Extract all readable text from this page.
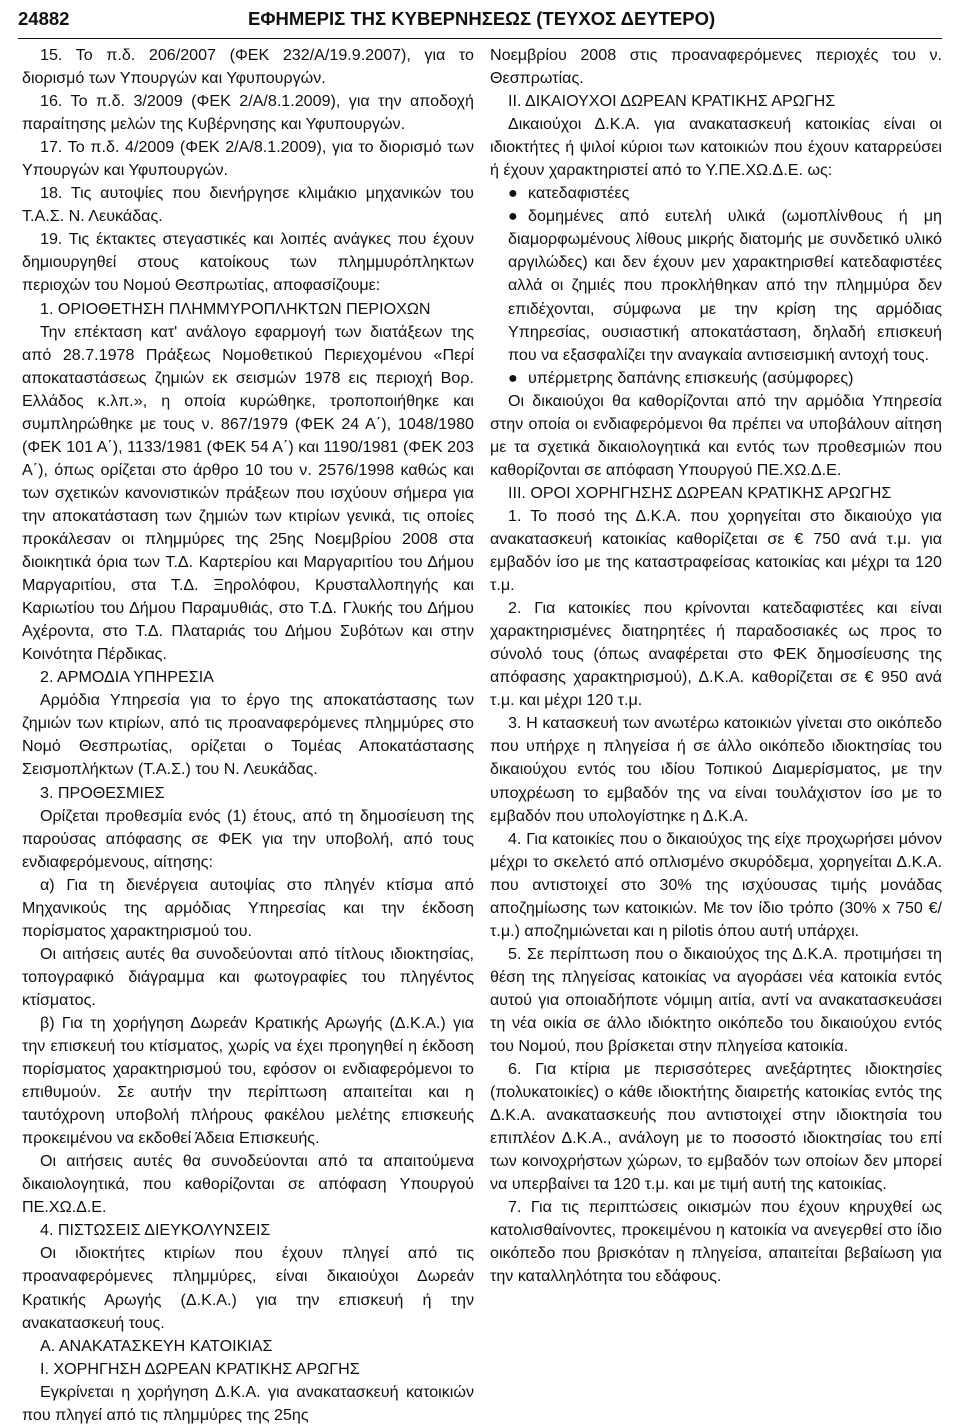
24882	ΕΦΗΜΕΡΙΣ ΤΗΣ ΚΥΒΕΡΝΗΣΕΩΣ (ΤΕΥΧΟΣ ΔΕΥΤΕΡΟ)

15. Το π.δ. 206/2007 (ΦΕΚ 232/Α/19.9.2007), για το διορισμό των Υπουργών και Υφυπουργών.

16. Το π.δ. 3/2009 (ΦΕΚ 2/Α/8.1.2009), για την αποδοχή παραίτησης μελών της Κυβέρνησης και Υφυπουργών.

17. Το π.δ. 4/2009 (ΦΕΚ 2/Α/8.1.2009), για το διορισμό των Υπουργών και Υφυπουργών.

18. Τις αυτοψίες που διενήργησε κλιμάκιο μηχανικών του Τ.Α.Σ. Ν. Λευκάδας.

19. Τις έκτακτες στεγαστικές και λοιπές ανάγκες που έχουν δημιουργηθεί στους κατοίκους των πλημμυρόπληκτων περιοχών του Νομού Θεσπρωτίας, αποφασίζουμε:

1. ΟΡΙΟΘΕΤΗΣΗ ΠΛΗΜΜΥΡΟΠΛΗΚΤΩΝ ΠΕΡΙΟΧΩΝ

Την επέκταση κατ' ανάλογο εφαρμογή των διατάξεων της από 28.7.1978 Πράξεως Νομοθετικού Περιεχομένου «Περί αποκαταστάσεως ζημιών εκ σεισμών 1978 εις περιοχή Βορ. Ελλάδος κ.λπ.», η οποία κυρώθηκε, τροποποιήθηκε και συμπληρώθηκε με τους ν. 867/1979 (ΦΕΚ 24 Α΄), 1048/1980 (ΦΕΚ 101 Α΄), 1133/1981 (ΦΕΚ 54 Α΄) και 1190/1981 (ΦΕΚ 203 Α΄), όπως ορίζεται στο άρθρο 10 του ν. 2576/1998 καθώς και των σχετικών κανονιστικών πράξεων που ισχύουν σήμερα για την αποκατάσταση των ζημιών των κτιρίων γενικά, τις οποίες προκάλεσαν οι πλημμύρες της 25ης Νοεμβρίου 2008 στα διοικητικά όρια των Τ.Δ. Καρτερίου και Μαργαριτίου του Δήμου Μαργαριτίου, στα Τ.Δ. Ξηρολόφου, Κρυσταλλοπηγής και Καριωτίου του Δήμου Παραμυθιάς, στο Τ.Δ. Γλυκής του Δήμου Αχέροντα, στο Τ.Δ. Πλαταριάς του Δήμου Συβότων και στην Κοινότητα Πέρδικας.

2. ΑΡΜΟΔΙΑ ΥΠΗΡΕΣΙΑ

Αρμόδια Υπηρεσία για το έργο της αποκατάστασης των ζημιών των κτιρίων, από τις προαναφερόμενες πλημμύρες στο Νομό Θεσπρωτίας, ορίζεται ο Τομέας Αποκατάστασης Σεισμοπλήκτων (Τ.Α.Σ.) του Ν. Λευκάδας.

3. ΠΡΟΘΕΣΜΙΕΣ

Ορίζεται προθεσμία ενός (1) έτους, από τη δημοσίευση της παρούσας απόφασης σε ΦΕΚ για την υποβολή, από τους ενδιαφερόμενους, αίτησης:

α) Για τη διενέργεια αυτοψίας στο πληγέν κτίσμα από Μηχανικούς της αρμόδιας Υπηρεσίας και την έκδοση πορίσματος χαρακτηρισμού του.

Οι αιτήσεις αυτές θα συνοδεύονται από τίτλους ιδιοκτησίας, τοπογραφικό διάγραμμα και φωτογραφίες του πληγέντος κτίσματος.

β) Για τη χορήγηση Δωρεάν Κρατικής Αρωγής (Δ.Κ.Α.) για την επισκευή του κτίσματος, χωρίς να έχει προηγηθεί η έκδοση πορίσματος χαρακτηρισμού του, εφόσον οι ενδιαφερόμενοι το επιθυμούν. Σε αυτήν την περίπτωση απαιτείται και η ταυτόχρονη υποβολή πλήρους φακέλου μελέτης επισκευής προκειμένου να εκδοθεί Άδεια Επισκευής.

Οι αιτήσεις αυτές θα συνοδεύονται από τα απαιτούμενα δικαιολογητικά, που καθορίζονται σε απόφαση Υπουργού ΠΕ.ΧΩ.Δ.Ε.

4. ΠΙΣΤΩΣΕΙΣ ΔΙΕΥΚΟΛΥΝΣΕΙΣ

Οι ιδιοκτήτες κτιρίων που έχουν πληγεί από τις προαναφερόμενες πλημμύρες, είναι δικαιούχοι Δωρεάν Κρατικής Αρωγής (Δ.Κ.Α.) για την επισκευή ή την ανακατασκευή τους.

Α. ΑΝΑΚΑΤΑΣΚΕΥΗ ΚΑΤΟΙΚΙΑΣ

Ι. ΧΟΡΗΓΗΣΗ ΔΩΡΕΑΝ ΚΡΑΤΙΚΗΣ ΑΡΩΓΗΣ

Εγκρίνεται η χορήγηση Δ.Κ.Α. για ανακατασκευή κατοικιών που πληγεί από τις πλημμύρες της 25ης

Νοεμβρίου 2008 στις προαναφερόμενες περιοχές του ν. Θεσπρωτίας.

ΙΙ. ΔΙΚΑΙΟΥΧΟΙ ΔΩΡΕΑΝ ΚΡΑΤΙΚΗΣ ΑΡΩΓΗΣ

Δικαιούχοι Δ.Κ.Α. για ανακατασκευή κατοικίας είναι οι ιδιοκτήτες ή ψιλοί κύριοι των κατοικιών που έχουν καταρρεύσει ή έχουν χαρακτηριστεί από το Υ.ΠΕ.ΧΩ.Δ.Ε. ως:

● κατεδαφιστέες

● δομημένες από ευτελή υλικά (ωμοπλίνθους ή μη διαμορφωμένους λίθους μικρής διατομής με συνδετικό υλικό αργιλώδες) και δεν έχουν μεν χαρακτηρισθεί κατεδαφιστέες αλλά οι ζημιές που προκλήθηκαν από την πλημμύρα δεν επιδέχονται, σύμφωνα με την κρίση της αρμόδιας Υπηρεσίας, ουσιαστική αποκατάσταση, δηλαδή επισκευή που να εξασφαλίζει την αναγκαία αντισεισμική αντοχή τους.

● υπέρμετρης δαπάνης επισκευής (ασύμφορες)

Οι δικαιούχοι θα καθορίζονται από την αρμόδια Υπηρεσία στην οποία οι ενδιαφερόμενοι θα πρέπει να υποβάλουν αίτηση με τα σχετικά δικαιολογητικά και εντός των προθεσμιών που καθορίζονται σε απόφαση Υπουργού ΠΕ.ΧΩ.Δ.Ε.

ΙΙΙ. ΟΡΟΙ ΧΟΡΗΓΗΣΗΣ ΔΩΡΕΑΝ ΚΡΑΤΙΚΗΣ ΑΡΩΓΗΣ

1. Το ποσό της Δ.Κ.Α. που χορηγείται στο δικαιούχο για ανακατασκευή κατοικίας καθορίζεται σε € 750 ανά τ.μ. για εμβαδόν ίσο με της καταστραφείσας κατοικίας και μέχρι τα 120 τ.μ.

2. Για κατοικίες που κρίνονται κατεδαφιστέες και είναι χαρακτηρισμένες διατηρητέες ή παραδοσιακές ως προς το σύνολό τους (όπως αναφέρεται στο ΦΕΚ δημοσίευσης της απόφασης χαρακτηρισμού), Δ.Κ.Α. καθορίζεται σε € 950 ανά τ.μ. και μέχρι 120 τ.μ.

3. Η κατασκευή των ανωτέρω κατοικιών γίνεται στο οικόπεδο που υπήρχε η πληγείσα ή σε άλλο οικόπεδο ιδιοκτησίας του δικαιούχου εντός του ιδίου Τοπικού Διαμερίσματος, με την υποχρέωση το εμβαδόν της να είναι τουλάχιστον ίσο με το εμβαδόν που υπολογίστηκε η Δ.Κ.Α.

4. Για κατοικίες που ο δικαιούχος της είχε προχωρήσει μόνον μέχρι το σκελετό από οπλισμένο σκυρόδεμα, χορηγείται Δ.Κ.Α. που αντιστοιχεί στο 30% της ισχύουσας τιμής μονάδας αποζημίωσης των κατοικιών. Με τον ίδιο τρόπο (30% x 750 €/τ.μ.) αποζημιώνεται και η pilotis όπου αυτή υπάρχει.

5. Σε περίπτωση που ο δικαιούχος της Δ.Κ.Α. προτιμήσει τη θέση της πληγείσας κατοικίας να αγοράσει νέα κατοικία εντός αυτού για οποιαδήποτε νόμιμη αιτία, αντί να ανακατασκευάσει τη νέα οικία σε άλλο ιδιόκτητο οικόπεδο του δικαιούχου εντός του Νομού, που βρίσκεται στην πληγείσα κατοικία.

6. Για κτίρια με περισσότερες ανεξάρτητες ιδιοκτησίες (πολυκατοικίες) ο κάθε ιδιοκτήτης διαιρετής κατοικίας εντός της Δ.Κ.Α. ανακατασκευής που αντιστοιχεί στην ιδιοκτησία του επιπλέον Δ.Κ.Α., ανάλογη με το ποσοστό ιδιοκτησίας του επί των κοινοχρήστων χώρων, το εμβαδόν των οποίων δεν μπορεί να υπερβαίνει τα 120 τ.μ. και με τιμή αυτή της κατοικίας.

7. Για τις περιπτώσεις οικισμών που έχουν κηρυχθεί ως κατολισθαίνοντες, προκειμένου η κατοικία να ανεγερθεί στο ίδιο οικόπεδο που βρισκόταν η πληγείσα, απαιτείται βεβαίωση για την καταλληλότητα του εδάφους.
